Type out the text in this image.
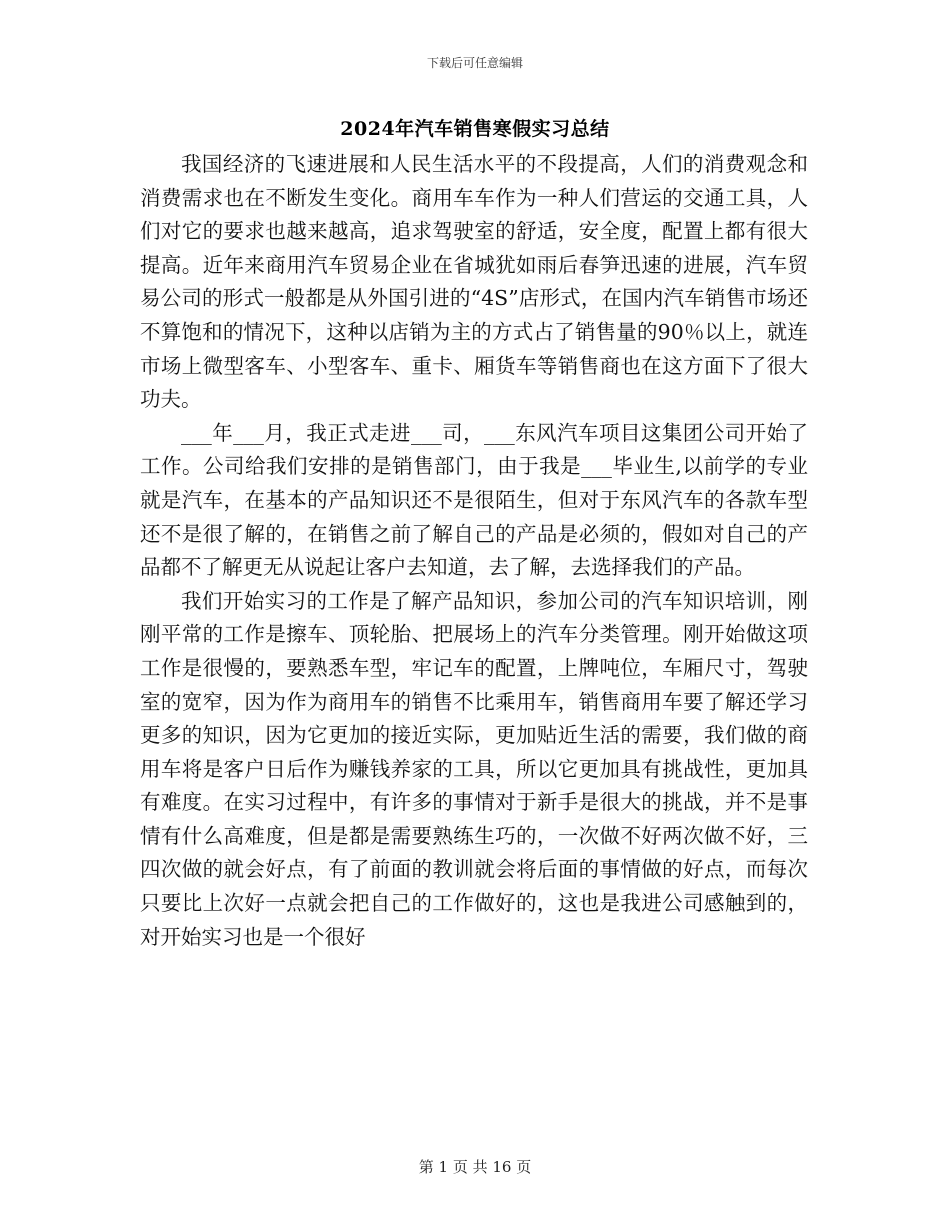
下载后可任意编辑
2024年汽车销售寒假实习总结

我国经济的飞速进展和人民生活水平的不段提高，人们的消费观念和消费需求也在不断发生变化。商用车车作为一种人们营运的交通工具，人们对它的要求也越来越高，追求驾驶室的舒适，安全度，配置上都有很大提高。近年来商用汽车贸易企业在省城犹如雨后春笋迅速的进展，汽车贸易公司的形式一般都是从外国引进的“4S”店形式，在国内汽车销售市场还不算饱和的情况下，这种以店销为主的方式占了销售量的90％以上，就连市场上微型客车、小型客车、重卡、厢货车等销售商也在这方面下了很大功夫。

___年___月，我正式走进___司，___东风汽车项目这集团公司开始了工作。公司给我们安排的是销售部门，由于我是___毕业生,以前学的专业就是汽车，在基本的产品知识还不是很陌生，但对于东风汽车的各款车型还不是很了解的，在销售之前了解自己的产品是必须的，假如对自己的产品都不了解更无从说起让客户去知道，去了解，去选择我们的产品。

我们开始实习的工作是了解产品知识，参加公司的汽车知识培训，刚刚平常的工作是擦车、顶轮胎、把展场上的汽车分类管理。刚开始做这项工作是很慢的，要熟悉车型，牢记车的配置，上牌吨位，车厢尺寸，驾驶室的宽窄，因为作为商用车的销售不比乘用车，销售商用车要了解还学习更多的知识，因为它更加的接近实际，更加贴近生活的需要，我们做的商用车将是客户日后作为赚钱养家的工具，所以它更加具有挑战性，更加具有难度。在实习过程中，有许多的事情对于新手是很大的挑战，并不是事情有什么高难度，但是都是需要熟练生巧的，一次做不好两次做不好，三四次做的就会好点，有了前面的教训就会将后面的事情做的好点，而每次只要比上次好一点就会把自己的工作做好的，这也是我进公司感触到的，对开始实习也是一个很好

第 1 页 共 16 页
